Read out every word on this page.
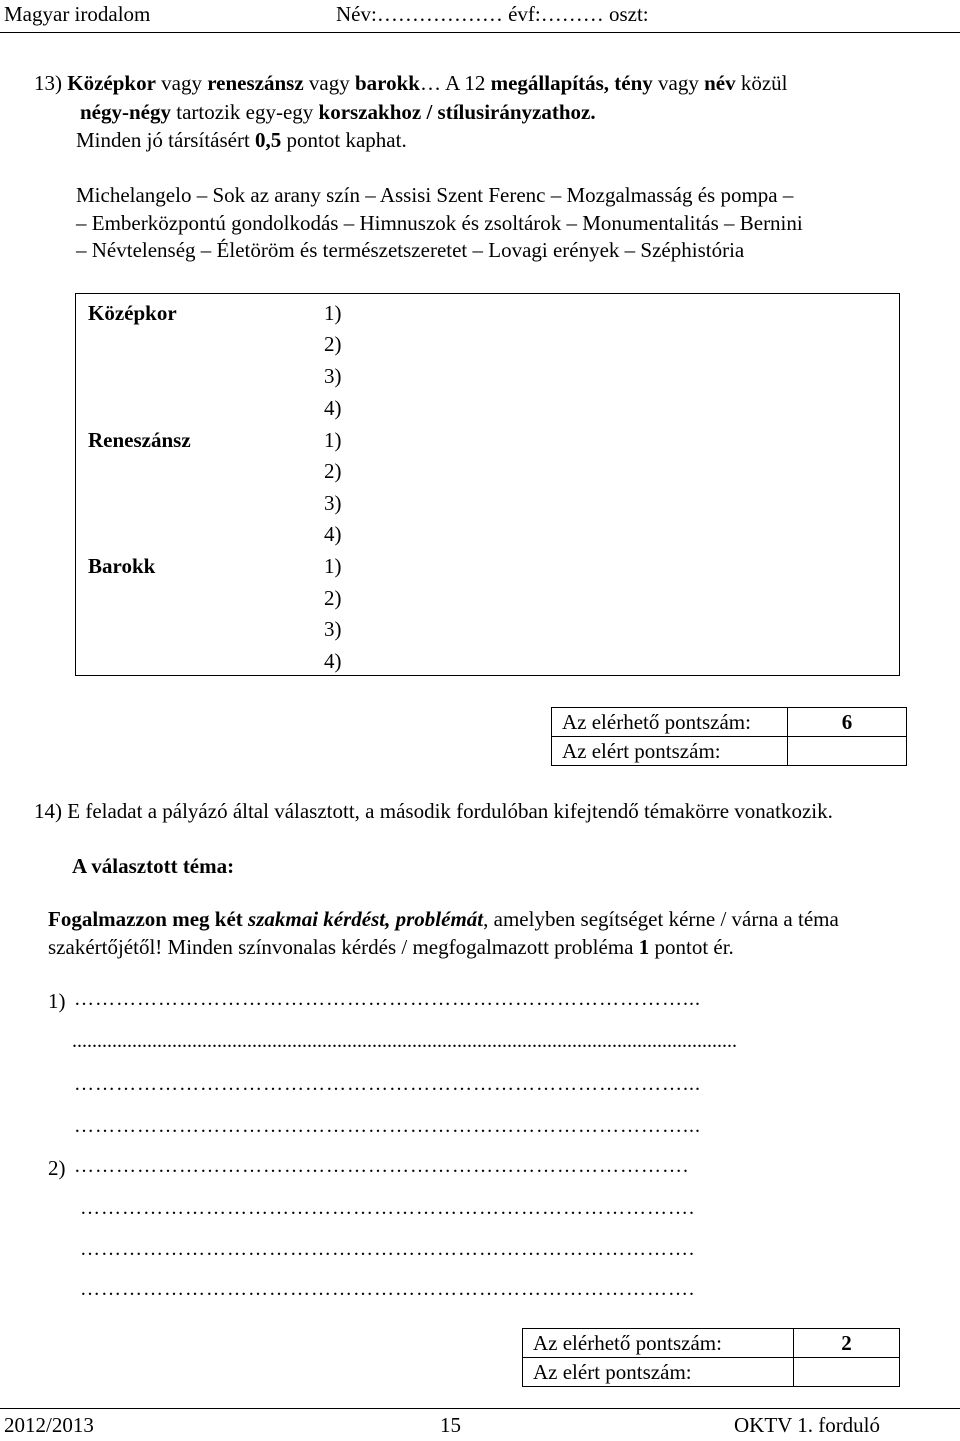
Magyar irodalom	Név:……………… évf:……… oszt:
13) Középkor vagy reneszánsz vagy barokk… A 12 megállapítás, tény vagy név közül
négy-négy tartozik egy-egy korszakhoz / stílusirányzathoz.
Minden jó társításért 0,5 pontot kaphat.
Michelangelo – Sok az arany szín – Assisi Szent Ferenc – Mozgalmasság és pompa –
– Emberközpontú gondolkodás – Himnuszok és zsoltárok – Monumentalitás – Bernini
– Névtelenség – Életöröm és természetszeretet – Lovagi erények – Széphistória
Középkor	1)
2)
3)
4)
Reneszánsz	1)
2)
3)
4)
Barokk	1)
2)
3)
4)
Az elérhető pontszám:	6
Az elért pontszám:	
14) E feladat a pályázó által választott, a második fordulóban kifejtendő témakörre vonatkozik.
A választott téma:
Fogalmazzon meg két szakmai kérdést, problémát, amelyben segítséget kérne / várna a téma
szakértőjétől! Minden színvonalas kérdés / megfogalmazott probléma 1 pontot ér.
1) ……………………………………………………………………………...
.....................................................................................................................................
……………………………………………………………………………...
……………………………………………………………………………...
2) …………………………………………………………………………….
…………………………………………………………………………….
…………………………………………………………………………….
…………………………………………………………………………….
Az elérhető pontszám:	2
Az elért pontszám:	
2012/2013	15	OKTV 1. forduló
